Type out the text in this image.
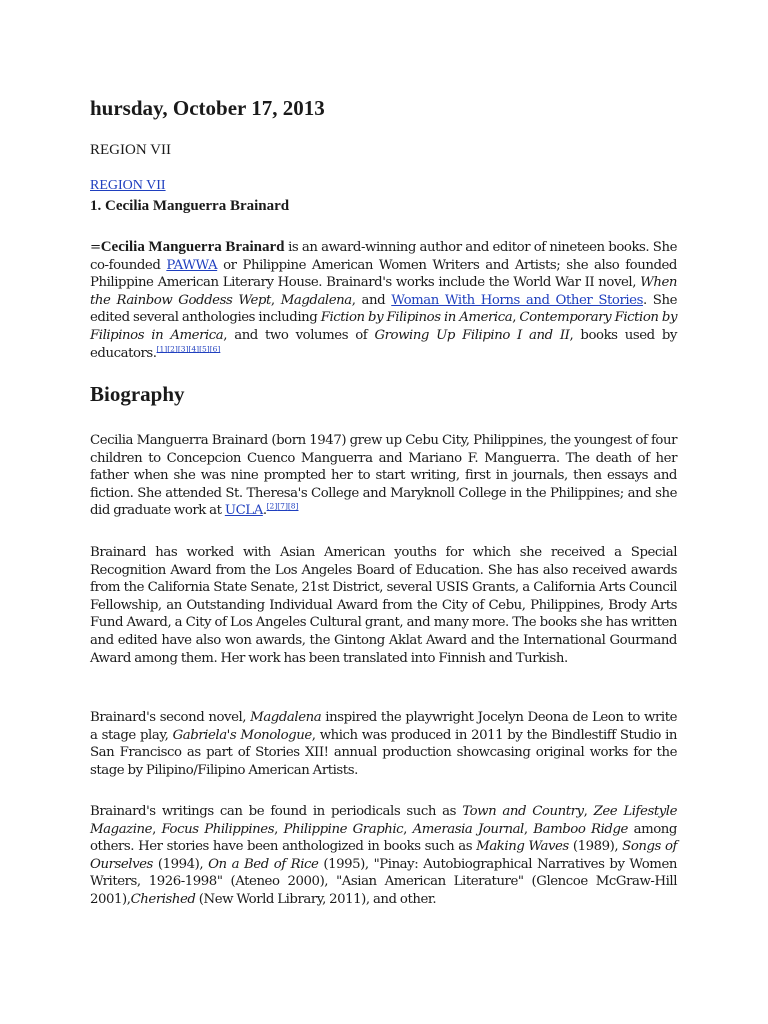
hursday, October 17, 2013
REGION VII
REGION VII
1. Cecilia Manguerra Brainard

=Cecilia Manguerra Brainard is an award-winning author and editor of nineteen books. She co-founded PAWWA or Philippine American Women Writers and Artists; she also founded Philippine American Literary House. Brainard's works include the World War II novel, When the Rainbow Goddess Wept, Magdalena, and Woman With Horns and Other Stories. She edited several anthologies including Fiction by Filipinos in America, Contemporary Fiction by Filipinos in America, and two volumes of Growing Up Filipino I and II, books used by educators.[1][2][3][4][5][6]

Biography

Cecilia Manguerra Brainard (born 1947) grew up Cebu City, Philippines, the youngest of four children to Concepcion Cuenco Manguerra and Mariano F. Manguerra. The death of her father when she was nine prompted her to start writing, first in journals, then essays and fiction. She attended St. Theresa's College and Maryknoll College in the Philippines; and she did graduate work at UCLA.[2][7][8]

Brainard has worked with Asian American youths for which she received a Special Recognition Award from the Los Angeles Board of Education. She has also received awards from the California State Senate, 21st District, several USIS Grants, a California Arts Council Fellowship, an Outstanding Individual Award from the City of Cebu, Philippines, Brody Arts Fund Award, a City of Los Angeles Cultural grant, and many more. The books she has written and edited have also won awards, the Gintong Aklat Award and the International Gourmand Award among them. Her work has been translated into Finnish and Turkish.

Brainard's second novel, Magdalena inspired the playwright Jocelyn Deona de Leon to write a stage play, Gabriela's Monologue, which was produced in 2011 by the Bindlestiff Studio in San Francisco as part of Stories XII! annual production showcasing original works for the stage by Pilipino/Filipino American Artists.

Brainard's writings can be found in periodicals such as Town and Country, Zee Lifestyle Magazine, Focus Philippines, Philippine Graphic, Amerasia Journal, Bamboo Ridge among others. Her stories have been anthologized in books such as Making Waves (1989), Songs of Ourselves (1994), On a Bed of Rice (1995), "Pinay: Autobiographical Narratives by Women Writers, 1926-1998" (Ateneo 2000), "Asian American Literature" (Glencoe McGraw-Hill 2001),Cherished (New World Library, 2011), and other.
